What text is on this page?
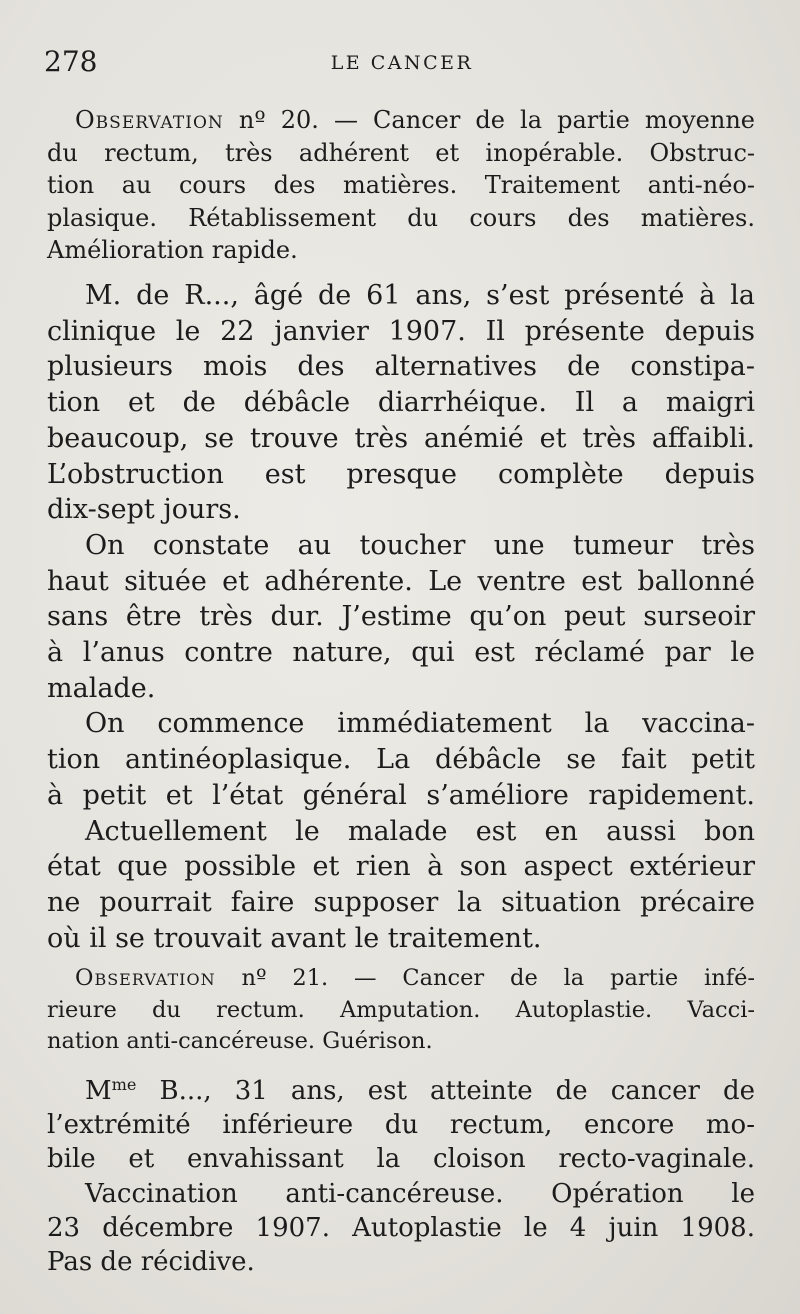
278	LE CANCER
Observation nº 20. — Cancer de la partie moyenne
du rectum, très adhérent et inopérable. Obstruc-
tion au cours des matières. Traitement anti-néo-
plasique. Rétablissement du cours des matières.
Amélioration rapide.
M. de R..., âgé de 61 ans, s’est présenté à la
clinique le 22 janvier 1907. Il présente depuis
plusieurs mois des alternatives de constipa-
tion et de débâcle diarrhéique. Il a maigri
beaucoup, se trouve très anémié et très affaibli.
L’obstruction est presque complète depuis
dix-sept jours.
On constate au toucher une tumeur très
haut située et adhérente. Le ventre est ballonné
sans être très dur. J’estime qu’on peut surseoir
à l’anus contre nature, qui est réclamé par le
malade.
On commence immédiatement la vaccina-
tion antinéoplasique. La débâcle se fait petit
à petit et l’état général s’améliore rapidement.
Actuellement le malade est en aussi bon
état que possible et rien à son aspect extérieur
ne pourrait faire supposer la situation précaire
où il se trouvait avant le traitement.
Observation nº 21. — Cancer de la partie infé-
rieure du rectum. Amputation. Autoplastie. Vacci-
nation anti-cancéreuse. Guérison.
$M^{me}$ B..., 31 ans, est atteinte de cancer de
l’extrémité inférieure du rectum, encore mo-
bile et envahissant la cloison recto-vaginale.
Vaccination anti-cancéreuse. Opération le
23 décembre 1907. Autoplastie le 4 juin 1908.
Pas de récidive.
